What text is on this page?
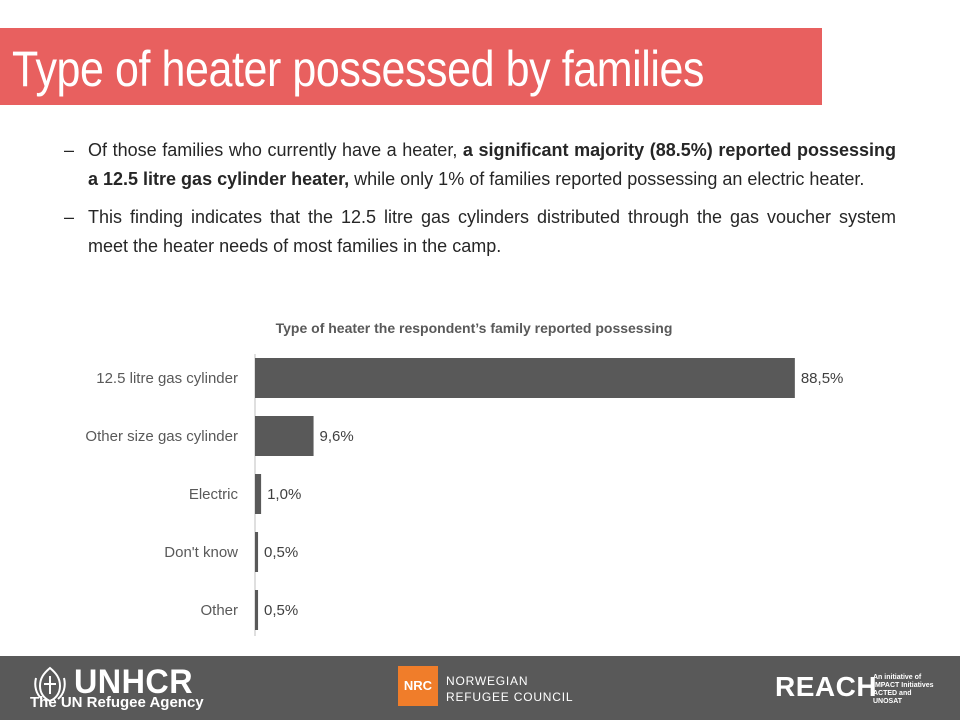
Type of heater possessed by families

– Of those families who currently have a heater, a significant majority (88.5%) reported possessing a 12.5 litre gas cylinder heater, while only 1% of families reported possessing an electric heater.

– This finding indicates that the 12.5 litre gas cylinders distributed through the gas voucher system meet the heater needs of most families in the camp.

Type of heater the respondent’s family reported possessing
12.5 litre gas cylinder	88,5%
Other size gas cylinder	9,6%
Electric 1,0%
Don't know 0,5%
Other 0,5%
UNHCR
The UN Refugee Agency
NRC	NORWEGIAN
REFUGEE COUNCIL	REACH
An initiative of
IMPACT Initiatives
ACTED and UNOSAT
